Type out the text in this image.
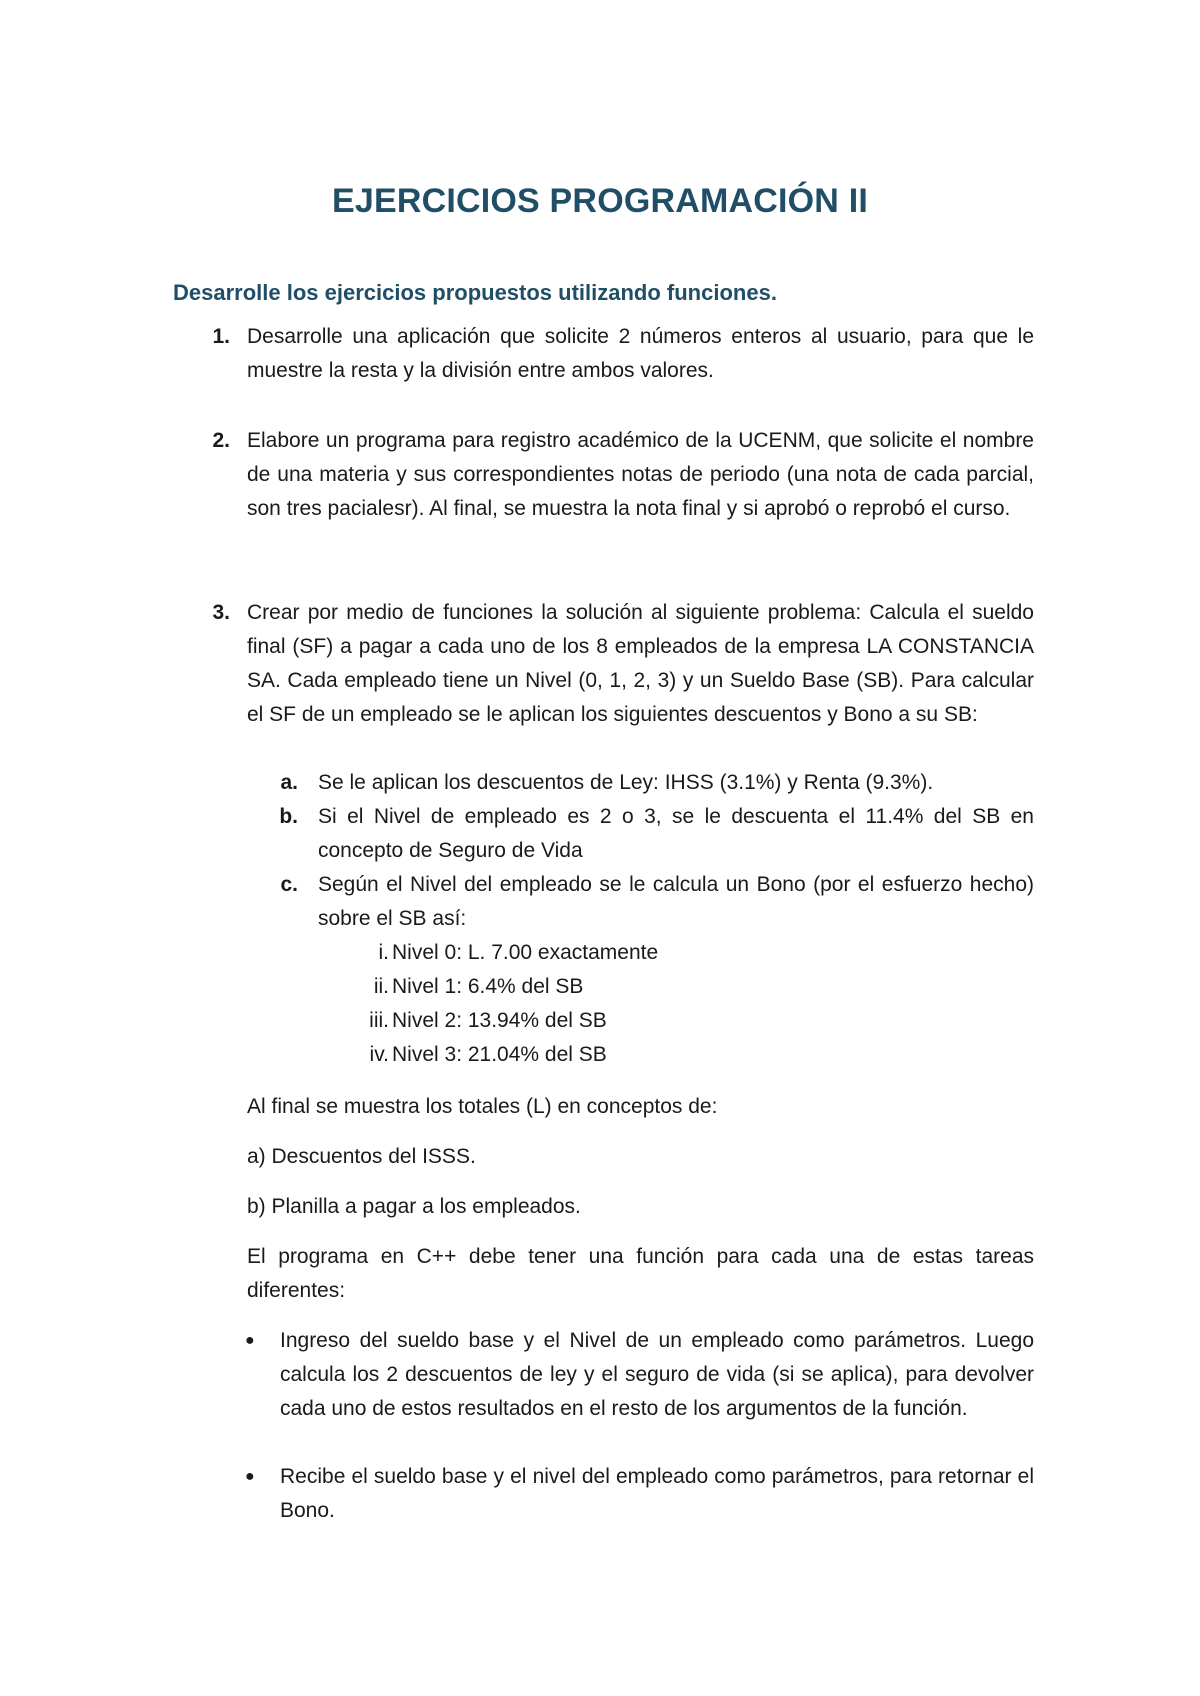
EJERCICIOS PROGRAMACIÓN II

Desarrolle los ejercicios propuestos utilizando funciones.

1. Desarrolle una aplicación que solicite 2 números enteros al usuario, para que le muestre la resta y la división entre ambos valores.

2. Elabore un programa para registro académico de la UCENM, que solicite el nombre de una materia y sus correspondientes notas de periodo (una nota de cada parcial, son tres pacialesr). Al final, se muestra la nota final y si aprobó o reprobó el curso.

3. Crear por medio de funciones la solución al siguiente problema: Calcula el sueldo final (SF) a pagar a cada uno de los 8 empleados de la empresa LA CONSTANCIA SA. Cada empleado tiene un Nivel (0, 1, 2, 3) y un Sueldo Base (SB). Para calcular el SF de un empleado se le aplican los siguientes descuentos y Bono a su SB:

a. Se le aplican los descuentos de Ley: IHSS (3.1%) y Renta (9.3%).

b. Si el Nivel de empleado es 2 o 3, se le descuenta el 11.4% del SB en concepto de Seguro de Vida

c. Según el Nivel del empleado se le calcula un Bono (por el esfuerzo hecho) sobre el SB así:

i. Nivel 0: L. 7.00 exactamente

ii. Nivel 1: 6.4% del SB

iii. Nivel 2: 13.94% del SB

iv. Nivel 3: 21.04% del SB

Al final se muestra los totales (L) en conceptos de:

a) Descuentos del ISSS.

b) Planilla a pagar a los empleados.

El programa en C++ debe tener una función para cada una de estas tareas diferentes:

● Ingreso del sueldo base y el Nivel de un empleado como parámetros. Luego calcula los 2 descuentos de ley y el seguro de vida (si se aplica), para devolver cada uno de estos resultados en el resto de los argumentos de la función.

● Recibe el sueldo base y el nivel del empleado como parámetros, para retornar el Bono.
